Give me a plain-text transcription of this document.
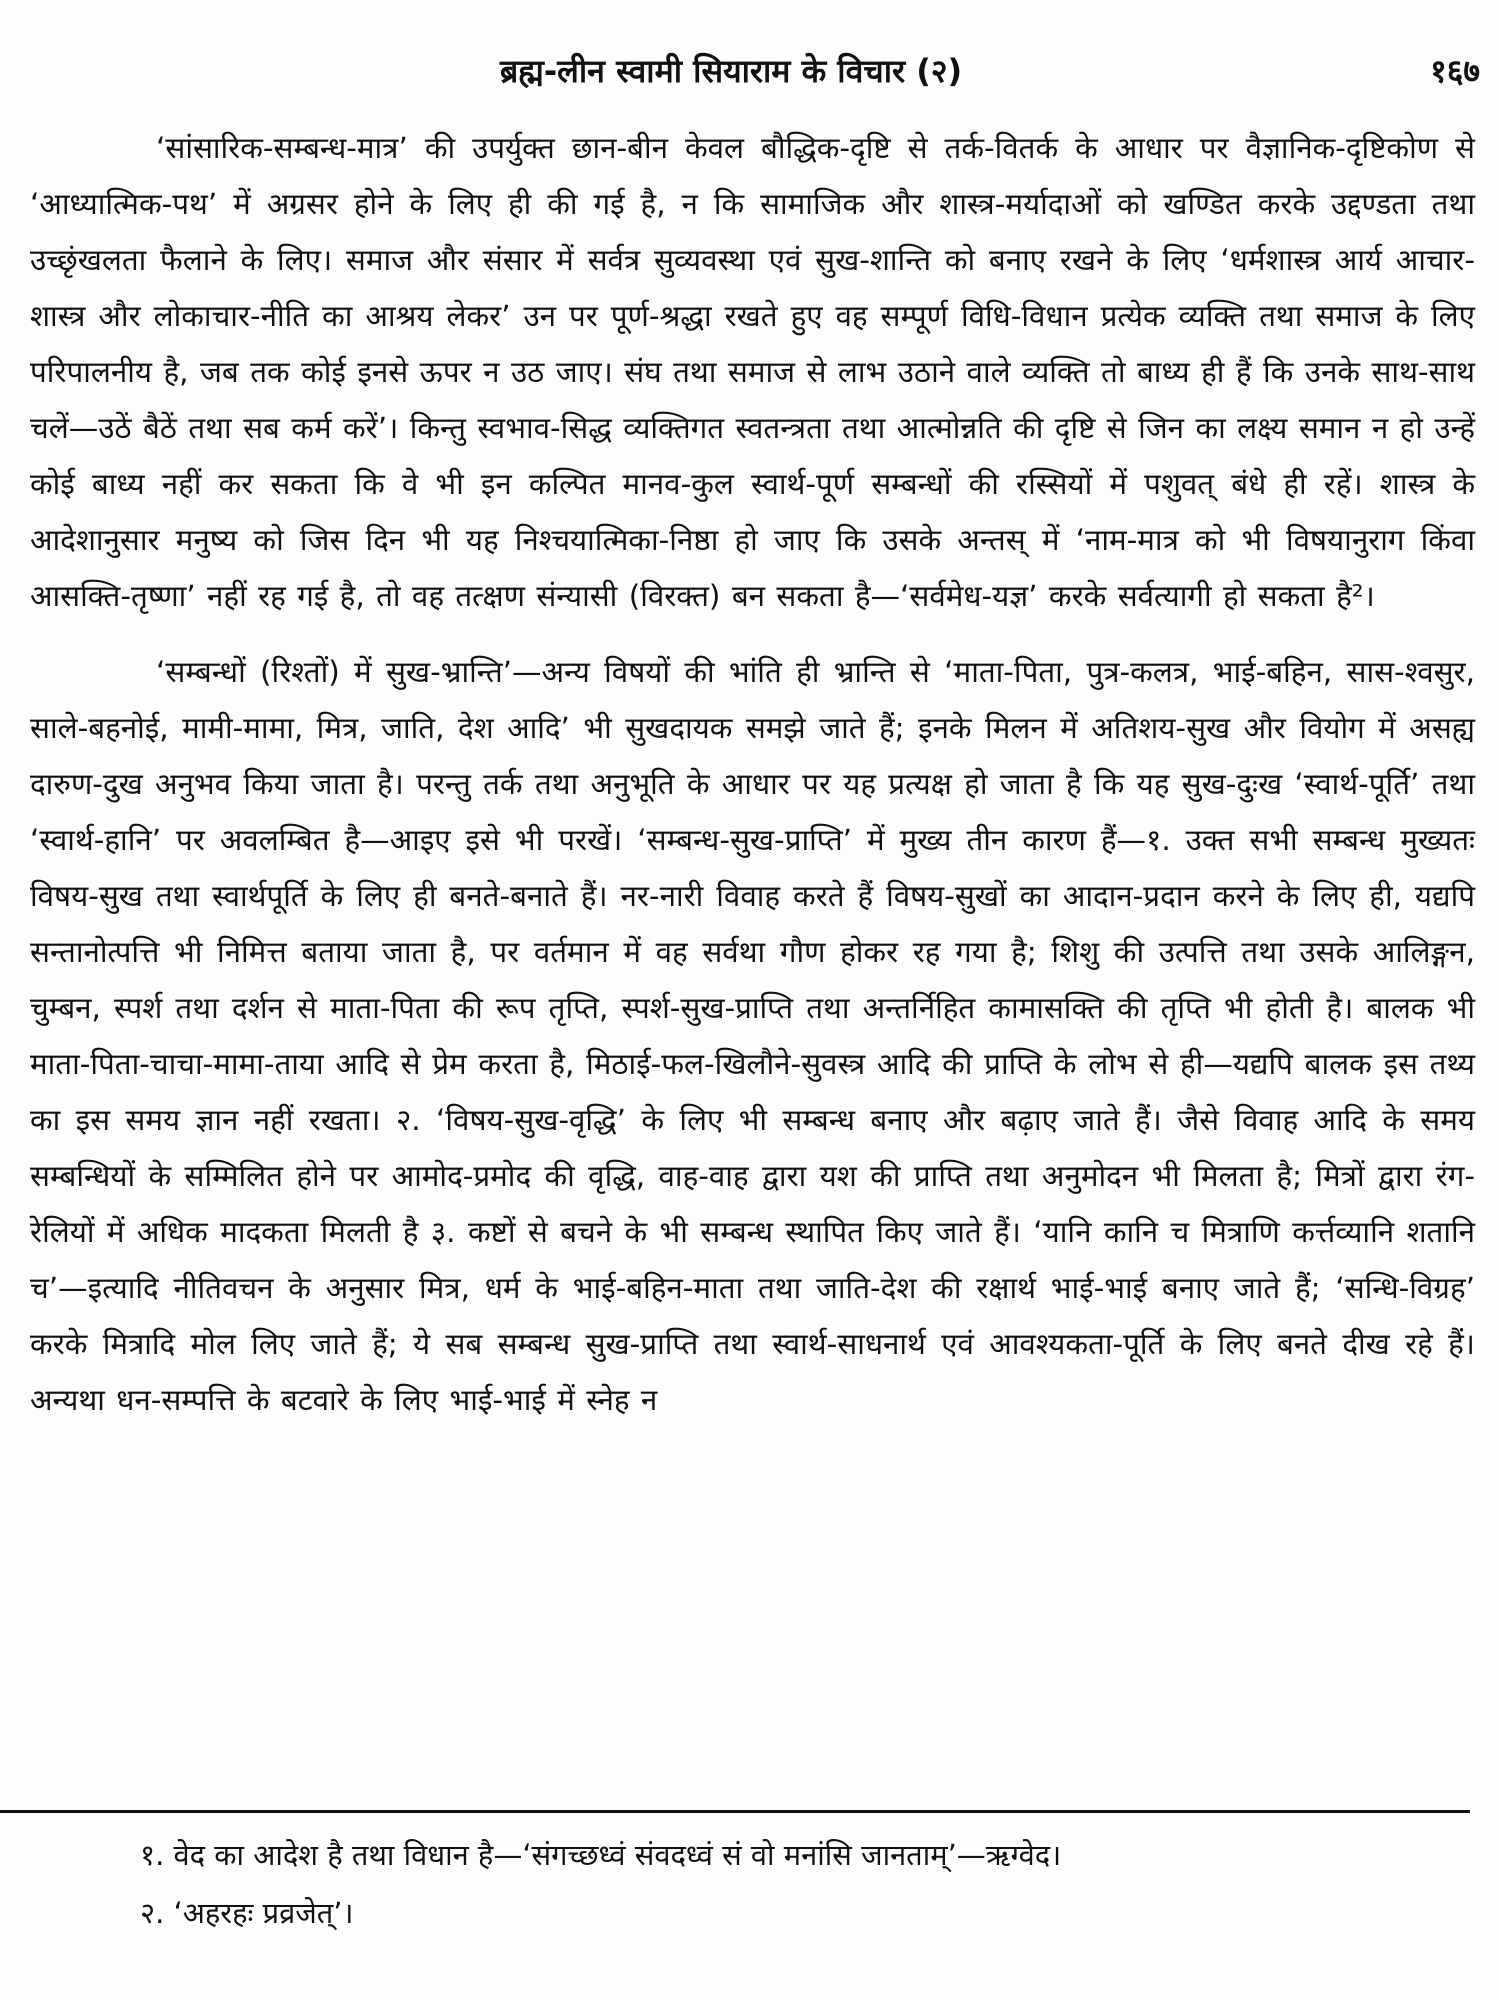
ब्रह्म-लीन स्वामी सियाराम के विचार (२)	१६७

‘सांसारिक-सम्बन्ध-मात्र’ की उपर्युक्त छान-बीन केवल बौद्धिक-दृष्टि से तर्क-वितर्क के आधार पर वैज्ञानिक-दृष्टिकोण से ‘आध्यात्मिक-पथ’ में अग्रसर होने के लिए ही की गई है, न कि सामाजिक और शास्त्र-मर्यादाओं को खण्डित करके उद्दण्डता तथा उच्छृंखलता फैलाने के लिए। समाज और संसार में सर्वत्र सुव्यवस्था एवं सुख-शान्ति को बनाए रखने के लिए ‘धर्मशास्त्र आर्य आचार-शास्त्र और लोकाचार-नीति का आश्रय लेकर’ उन पर पूर्ण-श्रद्धा रखते हुए वह सम्पूर्ण विधि-विधान प्रत्येक व्यक्ति तथा समाज के लिए परिपालनीय है, जब तक कोई इनसे ऊपर न उठ जाए। संघ तथा समाज से लाभ उठाने वाले व्यक्ति तो बाध्य ही हैं कि उनके साथ-साथ चलें—उठें बैठें तथा सब कर्म करें’। किन्तु स्वभाव-सिद्ध व्यक्तिगत स्वतन्त्रता तथा आत्मोन्नति की दृष्टि से जिन का लक्ष्य समान न हो उन्हें कोई बाध्य नहीं कर सकता कि वे भी इन कल्पित मानव-कुल स्वार्थ-पूर्ण सम्बन्धों की रस्सियों में पशुवत् बंधे ही रहें। शास्त्र के आदेशानुसार मनुष्य को जिस दिन भी यह निश्चयात्मिका-निष्ठा हो जाए कि उसके अन्तस् में ‘नाम-मात्र को भी विषयानुराग किंवा आसक्ति-तृष्णा’ नहीं रह गई है, तो वह तत्क्षण संन्यासी (विरक्त) बन सकता है—‘सर्वमेध-यज्ञ’ करके सर्वत्यागी हो सकता है²।

‘सम्बन्धों (रिश्तों) में सुख-भ्रान्ति’—अन्य विषयों की भांति ही भ्रान्ति से ‘माता-पिता, पुत्र-कलत्र, भाई-बहिन, सास-श्वसुर, साले-बहनोई, मामी-मामा, मित्र, जाति, देश आदि’ भी सुखदायक समझे जाते हैं; इनके मिलन में अतिशय-सुख और वियोग में असह्य दारुण-दुख अनुभव किया जाता है। परन्तु तर्क तथा अनुभूति के आधार पर यह प्रत्यक्ष हो जाता है कि यह सुख-दुःख ‘स्वार्थ-पूर्ति’ तथा ‘स्वार्थ-हानि’ पर अवलम्बित है—आइए इसे भी परखें। ‘सम्बन्ध-सुख-प्राप्ति’ में मुख्य तीन कारण हैं—१. उक्त सभी सम्बन्ध मुख्यतः विषय-सुख तथा स्वार्थपूर्ति के लिए ही बनते-बनाते हैं। नर-नारी विवाह करते हैं विषय-सुखों का आदान-प्रदान करने के लिए ही, यद्यपि सन्तानोत्पत्ति भी निमित्त बताया जाता है, पर वर्तमान में वह सर्वथा गौण होकर रह गया है; शिशु की उत्पत्ति तथा उसके आलिङ्गन, चुम्बन, स्पर्श तथा दर्शन से माता-पिता की रूप तृप्ति, स्पर्श-सुख-प्राप्ति तथा अन्तर्निहित कामासक्ति की तृप्ति भी होती है। बालक भी माता-पिता-चाचा-मामा-ताया आदि से प्रेम करता है, मिठाई-फल-खिलौने-सुवस्त्र आदि की प्राप्ति के लोभ से ही—यद्यपि बालक इस तथ्य का इस समय ज्ञान नहीं रखता। २. ‘विषय-सुख-वृद्धि’ के लिए भी सम्बन्ध बनाए और बढ़ाए जाते हैं। जैसे विवाह आदि के समय सम्बन्धियों के सम्मिलित होने पर आमोद-प्रमोद की वृद्धि, वाह-वाह द्वारा यश की प्राप्ति तथा अनुमोदन भी मिलता है; मित्रों द्वारा रंग-रेलियों में अधिक मादकता मिलती है ३. कष्टों से बचने के भी सम्बन्ध स्थापित किए जाते हैं। ‘यानि कानि च मित्राणि कर्त्तव्यानि शतानि च’—इत्यादि नीतिवचन के अनुसार मित्र, धर्म के भाई-बहिन-माता तथा जाति-देश की रक्षार्थ भाई-भाई बनाए जाते हैं; ‘सन्धि-विग्रह’ करके मित्रादि मोल लिए जाते हैं; ये सब सम्बन्ध सुख-प्राप्ति तथा स्वार्थ-साधनार्थ एवं आवश्यकता-पूर्ति के लिए बनते दीख रहे हैं। अन्यथा धन-सम्पत्ति के बटवारे के लिए भाई-भाई में स्नेह न

१. वेद का आदेश है तथा विधान है—‘संगच्छध्वं संवदध्वं सं वो मनांसि जानताम्’—ऋग्वेद।
२. ‘अहरहः प्रव्रजेत्’।
